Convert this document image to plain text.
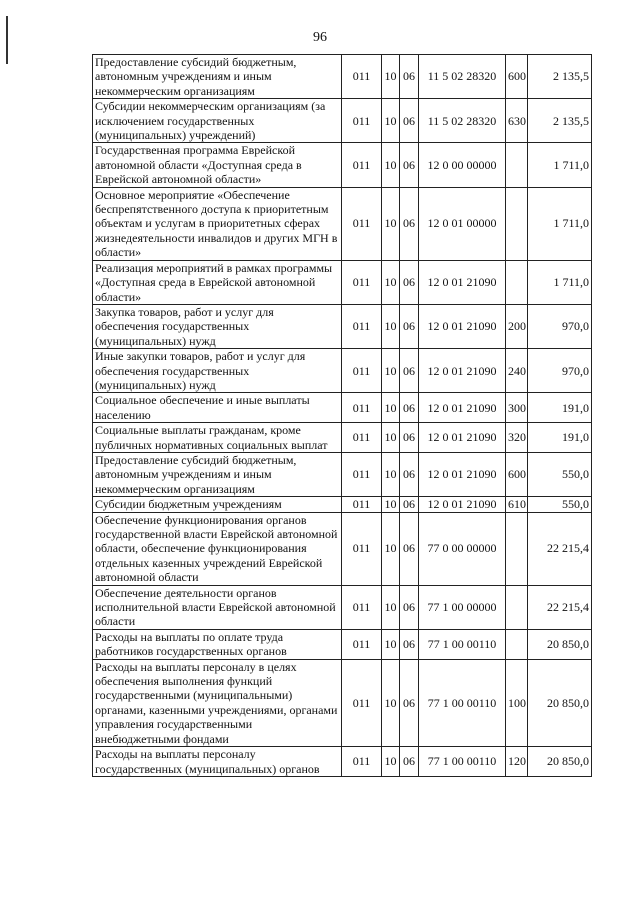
96
Предоставление субсидий бюджетным, автономным учреждениям и иным некоммерческим организациям	011	10	06	11 5 02 28320	600	2 135,5
Субсидии некоммерческим организациям (за исключением государственных (муниципальных) учреждений)	011	10	06	11 5 02 28320	630	2 135,5
Государственная программа Еврейской автономной области «Доступная среда в Еврейской автономной области»	011	10	06	12 0 00 00000		1 711,0
Основное мероприятие «Обеспечение беспрепятственного доступа к приоритетным объектам и услугам в приоритетных сферах жизнедеятельности инвалидов и других МГН в области»	011	10	06	12 0 01 00000		1 711,0
Реализация мероприятий в рамках программы «Доступная среда в Еврейской автономной области»	011	10	06	12 0 01 21090		1 711,0
Закупка товаров, работ и услуг для обеспечения государственных (муниципальных) нужд	011	10	06	12 0 01 21090	200	970,0
Иные закупки товаров, работ и услуг для обеспечения государственных (муниципальных) нужд	011	10	06	12 0 01 21090	240	970,0
Социальное обеспечение и иные выплаты населению	011	10	06	12 0 01 21090	300	191,0
Социальные выплаты гражданам, кроме публичных нормативных социальных выплат	011	10	06	12 0 01 21090	320	191,0
Предоставление субсидий бюджетным, автономным учреждениям и иным некоммерческим организациям	011	10	06	12 0 01 21090	600	550,0
Субсидии бюджетным учреждениям	011	10	06	12 0 01 21090	610	550,0
Обеспечение функционирования органов государственной власти Еврейской автономной области, обеспечение функционирования отдельных казенных учреждений Еврейской автономной области	011	10	06	77 0 00 00000		22 215,4
Обеспечение деятельности органов исполнительной власти Еврейской автономной области	011	10	06	77 1 00 00000		22 215,4
Расходы на выплаты по оплате труда работников государственных органов	011	10	06	77 1 00 00110		20 850,0
Расходы на выплаты персоналу в целях обеспечения выполнения функций государственными (муниципальными) органами, казенными учреждениями, органами управления государственными внебюджетными фондами	011	10	06	77 1 00 00110	100	20 850,0
Расходы на выплаты персоналу государственных (муниципальных) органов	011	10	06	77 1 00 00110	120	20 850,0
